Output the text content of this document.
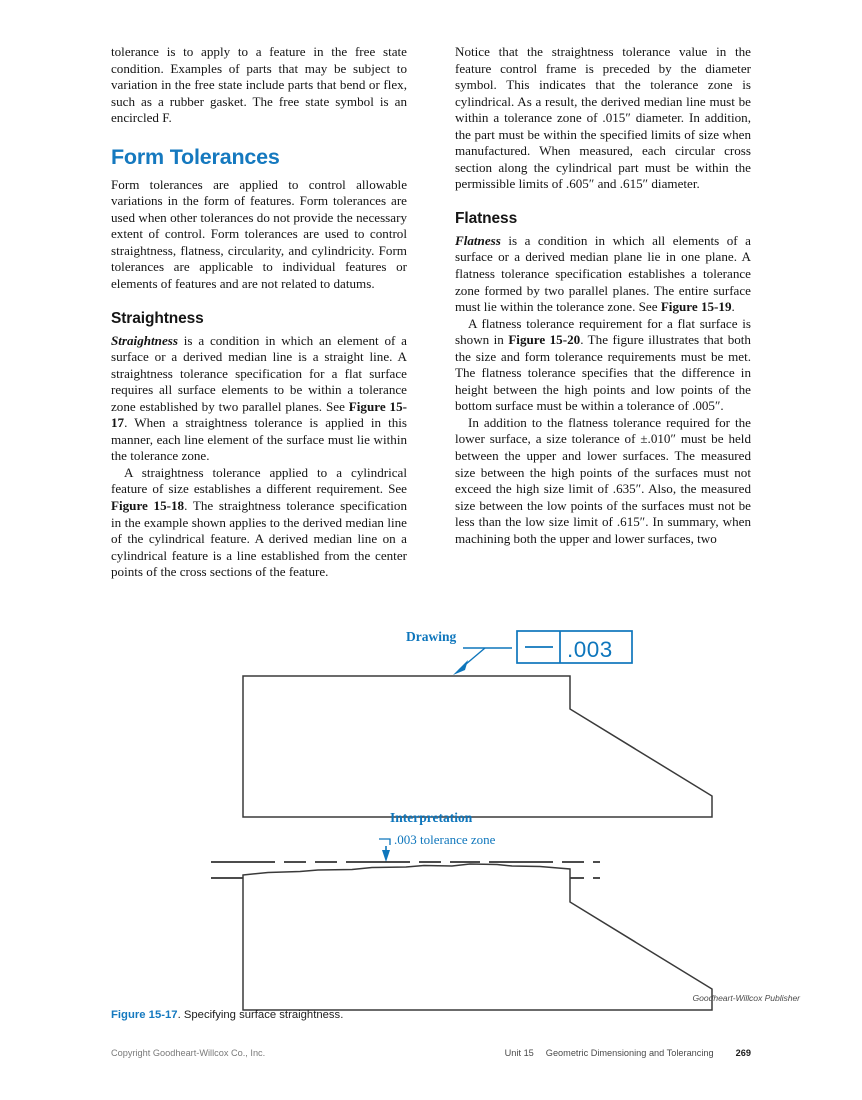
tolerance is to apply to a feature in the free state condition. Examples of parts that may be subject to variation in the free state include parts that bend or flex, such as a rubber gasket. The free state symbol is an encircled F.

Form Tolerances

Form tolerances are applied to control allowable variations in the form of features. Form tolerances are used when other tolerances do not provide the necessary extent of control. Form tolerances are used to control straightness, flatness, circularity, and cylindricity. Form tolerances are applicable to individual features or elements of features and are not related to datums.

Straightness

Straightness is a condition in which an element of a surface or a derived median line is a straight line. A straightness tolerance specification for a flat surface requires all surface elements to be within a tolerance zone established by two parallel planes. See Figure 15-17. When a straightness tolerance is applied in this manner, each line element of the surface must lie within the tolerance zone.

A straightness tolerance applied to a cylindrical feature of size establishes a different requirement. See Figure 15-18. The straightness tolerance specification in the example shown applies to the derived median line of the cylindrical feature. A derived median line on a cylindrical feature is a line established from the center points of the cross sections of the feature.

Notice that the straightness tolerance value in the feature control frame is preceded by the diameter symbol. This indicates that the tolerance zone is cylindrical. As a result, the derived median line must be within a tolerance zone of .015″ diameter. In addition, the part must be within the specified limits of size when manufactured. When measured, each circular cross section along the cylindrical part must be within the permissible limits of .605″ and .615″ diameter.

Flatness

Flatness is a condition in which all elements of a surface or a derived median plane lie in one plane. A flatness tolerance specification establishes a tolerance zone formed by two parallel planes. The entire surface must lie within the tolerance zone. See Figure 15-19.

A flatness tolerance requirement for a flat surface is shown in Figure 15-20. The figure illustrates that both the size and form tolerance requirements must be met. The flatness tolerance specifies that the difference in height between the high points and low points of the bottom surface must be within a tolerance of .005″.

In addition to the flatness tolerance required for the lower surface, a size tolerance of ±.010″ must be held between the upper and lower surfaces. The measured size between the high points of the surfaces must not exceed the high size limit of .635″. Also, the measured size between the low points of the surfaces must not be less than the low size limit of .615″. In summary, when machining both the upper and lower surfaces, two

Drawing
.003
Interpretation
.003 tolerance zone
Goodheart-Willcox Publisher
Figure 15-17. Specifying surface straightness.
Copyright Goodheart-Willcox Co., Inc.	Unit 15 Geometric Dimensioning and Tolerancing 269
